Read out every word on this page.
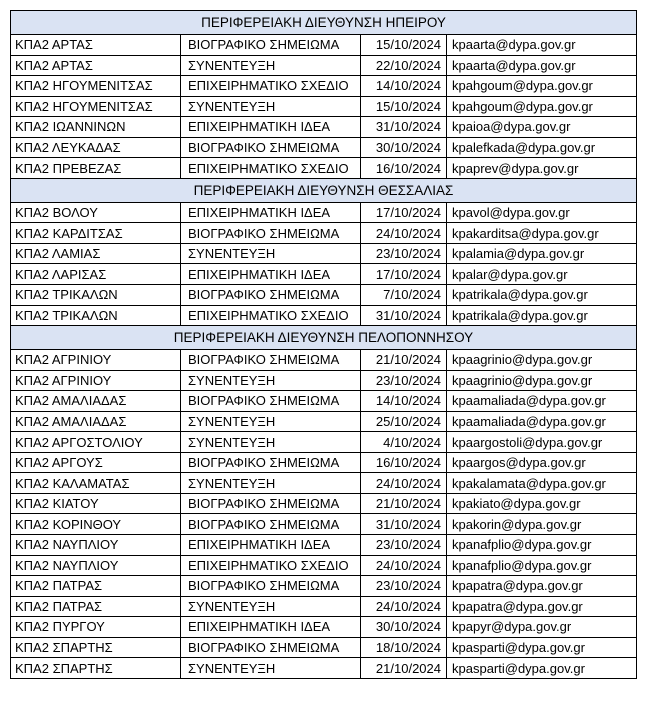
ΠΕΡΙΦΕΡΕΙΑΚΗ ΔΙΕΥΘΥΝΣΗ ΗΠΕΙΡΟΥ			
ΚΠΑ2 ΑΡΤΑΣ	ΒΙΟΓΡΑΦΙΚΟ ΣΗΜΕΙΩΜΑ	15/10/2024	kpaarta@dypa.gov.gr
ΚΠΑ2 ΑΡΤΑΣ	ΣΥΝΕΝΤΕΥΞΗ	22/10/2024	kpaarta@dypa.gov.gr
ΚΠΑ2 ΗΓΟΥΜΕΝΙΤΣΑΣ	ΕΠΙΧΕΙΡΗΜΑΤΙΚΟ ΣΧΕΔΙΟ	14/10/2024	kpahgoum@dypa.gov.gr
ΚΠΑ2 ΗΓΟΥΜΕΝΙΤΣΑΣ	ΣΥΝΕΝΤΕΥΞΗ	15/10/2024	kpahgoum@dypa.gov.gr
ΚΠΑ2 ΙΩΑΝΝΙΝΩΝ	ΕΠΙΧΕΙΡΗΜΑΤΙΚΗ ΙΔΕΑ	31/10/2024	kpaioa@dypa.gov.gr
ΚΠΑ2 ΛΕΥΚΑΔΑΣ	ΒΙΟΓΡΑΦΙΚΟ ΣΗΜΕΙΩΜΑ	30/10/2024	kpalefkada@dypa.gov.gr
ΚΠΑ2 ΠΡΕΒΕΖΑΣ	ΕΠΙΧΕΙΡΗΜΑΤΙΚΟ ΣΧΕΔΙΟ	16/10/2024	kpaprev@dypa.gov.gr
ΠΕΡΙΦΕΡΕΙΑΚΗ ΔΙΕΥΘΥΝΣΗ ΘΕΣΣΑΛΙΑΣ			
ΚΠΑ2 ΒΟΛΟΥ	ΕΠΙΧΕΙΡΗΜΑΤΙΚΗ ΙΔΕΑ	17/10/2024	kpavol@dypa.gov.gr
ΚΠΑ2 ΚΑΡΔΙΤΣΑΣ	ΒΙΟΓΡΑΦΙΚΟ ΣΗΜΕΙΩΜΑ	24/10/2024	kpakarditsa@dypa.gov.gr
ΚΠΑ2 ΛΑΜΙΑΣ	ΣΥΝΕΝΤΕΥΞΗ	23/10/2024	kpalamia@dypa.gov.gr
ΚΠΑ2 ΛΑΡΙΣΑΣ	ΕΠΙΧΕΙΡΗΜΑΤΙΚΗ ΙΔΕΑ	17/10/2024	kpalar@dypa.gov.gr
ΚΠΑ2 ΤΡΙΚΑΛΩΝ	ΒΙΟΓΡΑΦΙΚΟ ΣΗΜΕΙΩΜΑ	7/10/2024	kpatrikala@dypa.gov.gr
ΚΠΑ2 ΤΡΙΚΑΛΩΝ	ΕΠΙΧΕΙΡΗΜΑΤΙΚΟ ΣΧΕΔΙΟ	31/10/2024	kpatrikala@dypa.gov.gr
ΠΕΡΙΦΕΡΕΙΑΚΗ ΔΙΕΥΘΥΝΣΗ ΠΕΛΟΠΟΝΝΗΣΟΥ			
ΚΠΑ2 ΑΓΡΙΝΙΟΥ	ΒΙΟΓΡΑΦΙΚΟ ΣΗΜΕΙΩΜΑ	21/10/2024	kpaagrinio@dypa.gov.gr
ΚΠΑ2 ΑΓΡΙΝΙΟΥ	ΣΥΝΕΝΤΕΥΞΗ	23/10/2024	kpaagrinio@dypa.gov.gr
ΚΠΑ2 ΑΜΑΛΙΑΔΑΣ	ΒΙΟΓΡΑΦΙΚΟ ΣΗΜΕΙΩΜΑ	14/10/2024	kpaamaliada@dypa.gov.gr
ΚΠΑ2 ΑΜΑΛΙΑΔΑΣ	ΣΥΝΕΝΤΕΥΞΗ	25/10/2024	kpaamaliada@dypa.gov.gr
ΚΠΑ2 ΑΡΓΟΣΤΟΛΙΟΥ	ΣΥΝΕΝΤΕΥΞΗ	4/10/2024	kpaargostoli@dypa.gov.gr
ΚΠΑ2 ΑΡΓΟΥΣ	ΒΙΟΓΡΑΦΙΚΟ ΣΗΜΕΙΩΜΑ	16/10/2024	kpaargos@dypa.gov.gr
ΚΠΑ2 ΚΑΛΑΜΑΤΑΣ	ΣΥΝΕΝΤΕΥΞΗ	24/10/2024	kpakalamata@dypa.gov.gr
ΚΠΑ2 ΚΙΑΤΟΥ	ΒΙΟΓΡΑΦΙΚΟ ΣΗΜΕΙΩΜΑ	21/10/2024	kpakiato@dypa.gov.gr
ΚΠΑ2 ΚΟΡΙΝΘΟΥ	ΒΙΟΓΡΑΦΙΚΟ ΣΗΜΕΙΩΜΑ	31/10/2024	kpakorin@dypa.gov.gr
ΚΠΑ2 ΝΑΥΠΛΙΟΥ	ΕΠΙΧΕΙΡΗΜΑΤΙΚΗ ΙΔΕΑ	23/10/2024	kpanafplio@dypa.gov.gr
ΚΠΑ2 ΝΑΥΠΛΙΟΥ	ΕΠΙΧΕΙΡΗΜΑΤΙΚΟ ΣΧΕΔΙΟ	24/10/2024	kpanafplio@dypa.gov.gr
ΚΠΑ2 ΠΑΤΡΑΣ	ΒΙΟΓΡΑΦΙΚΟ ΣΗΜΕΙΩΜΑ	23/10/2024	kpapatra@dypa.gov.gr
ΚΠΑ2 ΠΑΤΡΑΣ	ΣΥΝΕΝΤΕΥΞΗ	24/10/2024	kpapatra@dypa.gov.gr
ΚΠΑ2 ΠΥΡΓΟΥ	ΕΠΙΧΕΙΡΗΜΑΤΙΚΗ ΙΔΕΑ	30/10/2024	kpapyr@dypa.gov.gr
ΚΠΑ2 ΣΠΑΡΤΗΣ	ΒΙΟΓΡΑΦΙΚΟ ΣΗΜΕΙΩΜΑ	18/10/2024	kpasparti@dypa.gov.gr
ΚΠΑ2 ΣΠΑΡΤΗΣ	ΣΥΝΕΝΤΕΥΞΗ	21/10/2024	kpasparti@dypa.gov.gr
